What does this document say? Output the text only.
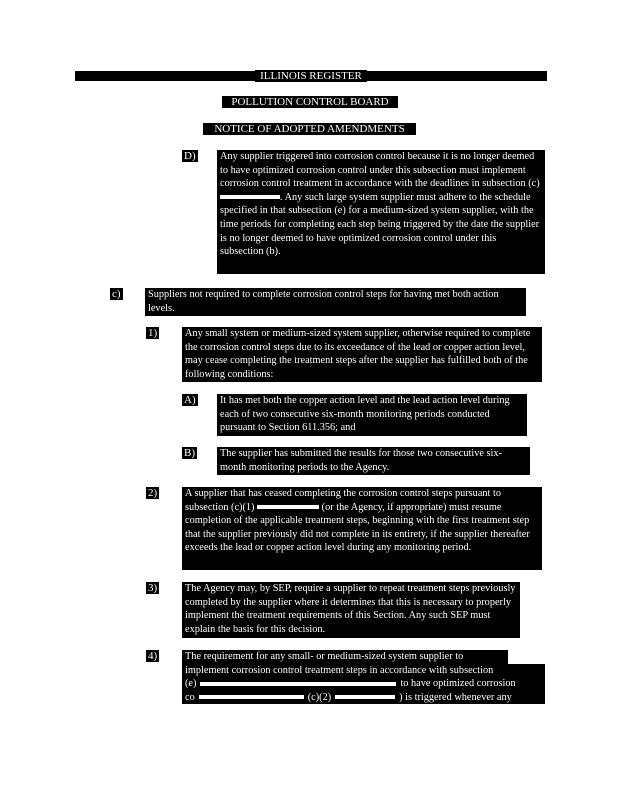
ILLINOIS REGISTER
POLLUTION CONTROL BOARD
NOTICE OF ADOPTED AMENDMENTS
D) Any supplier triggered into corrosion control because it is no longer deemed to have optimized corrosion control under this subsection must implement corrosion control treatment in accordance with the deadlines in subsection (c) . Any such large system supplier must adhere to the schedule specified in that subsection (e) for a medium-sized system supplier, with the time periods for completing each step being triggered by the date the supplier is no longer deemed to have optimized corrosion control under this subsection (b).
c)	Suppliers not required to complete corrosion control steps for having met both action levels.
1)	Any small system or medium-sized system supplier, otherwise required to complete the corrosion control steps due to its exceedance of the lead or copper action level, may cease completing the treatment steps after the supplier has fulfilled both of the following conditions:
A) It has met both the copper action level and the lead action level during each of two consecutive six-month monitoring periods conducted pursuant to Section 611.356; and
B) The supplier has submitted the results for those two consecutive six-month monitoring periods to the Agency.
2)	A supplier that has ceased completing the corrosion control steps pursuant to subsection (c)(1)	(or the Agency, if appropriate) must resume completion of the applicable treatment steps, beginning with the first treatment step that the supplier previously did not complete in its entirety, if the supplier thereafter exceeds the lead or copper action level during any monitoring period.
3)	The Agency may, by SEP, require a supplier to repeat treatment steps previously completed by the supplier where it determines that this is necessary to properly implement the treatment requirements of this Section. Any such SEP must explain the basis for this decision.
4)	The requirement for any small- or medium-sized system supplier to
implement corrosion control treatment steps in accordance with subsection
(e)	to have optimized corrosion
co	(c)(2)	) is triggered whenever any
